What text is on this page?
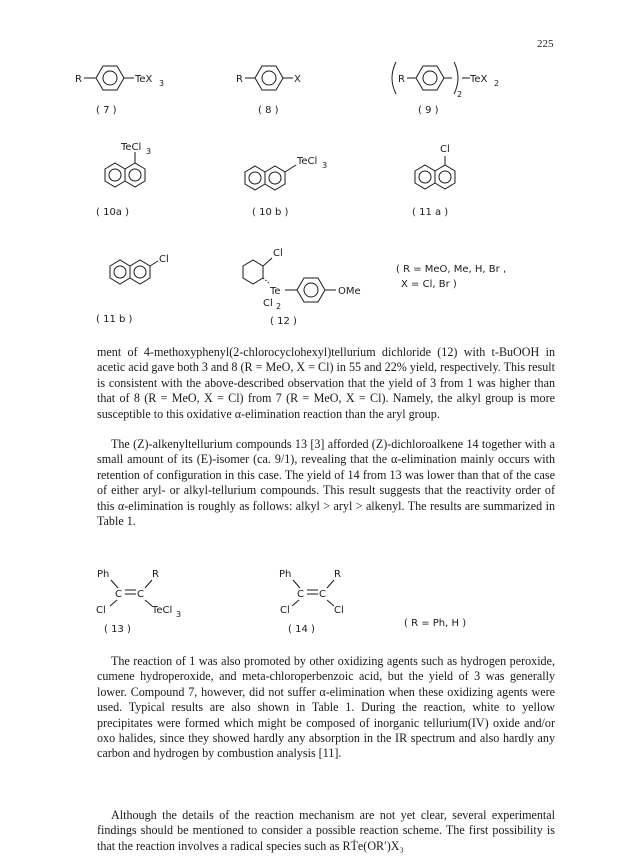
225
R	TeX 3
( 7 )
R	X
( 8 )
R
2
TeX 2
( 9 )
TeCl 3
( 10a )
TeCl 3
( 10 b )
Cl
( 11 a )
Cl
( 11 b )
Cl
Te
Cl 2
OMe
( 12 )
( R = MeO, Me, H, Br ,
X = Cl, Br )

ment of 4-methoxyphenyl(2-chlorocyclohexyl)tellurium dichloride (12) with t-BuOOH in acetic acid gave both 3 and 8 (R = MeO, X = Cl) in 55 and 22% yield, respectively. This result is consistent with the above-described observation that the yield of 3 from 1 was higher than that of 8 (R = MeO, X = Cl) from 7 (R = MeO, X = Cl). Namely, the alkyl group is more susceptible to this oxidative α-elimination reaction than the aryl group.

The (Z)-alkenyltellurium compounds 13 [3] afforded (Z)-dichloroalkene 14 together with a small amount of its (E)-isomer (ca. 9/1), revealing that the α-elimination mainly occurs with retention of configuration in this case. The yield of 14 from 13 was lower than that of the case of either aryl- or alkyl-tellurium compounds. This result suggests that the reactivity order of this α-elimination is roughly as follows: alkyl > aryl > alkenyl. The results are summarized in Table 1.

Ph
C C
R
Cl	TeCl 3
( 13 )
Ph
C C
R
Cl	Cl
( 14 )
( R = Ph, H )

The reaction of 1 was also promoted by other oxidizing agents such as hydrogen peroxide, cumene hydroperoxide, and meta-chloroperbenzoic acid, but the yield of 3 was generally lower. Compound 7, however, did not suffer α-elimination when these oxidizing agents were used. Typical results are also shown in Table 1. During the reaction, white to yellow precipitates were formed which might be composed of inorganic tellurium(IV) oxide and/or oxo halides, since they showed hardly any absorption in the IR spectrum and also hardly any carbon and hydrogen by combustion analysis [11].

Although the details of the reaction mechanism are not yet clear, several experimental findings should be mentioned to consider a possible reaction scheme. The first possibility is that the reaction involves a radical species such as RṪe(OR′)X₃
